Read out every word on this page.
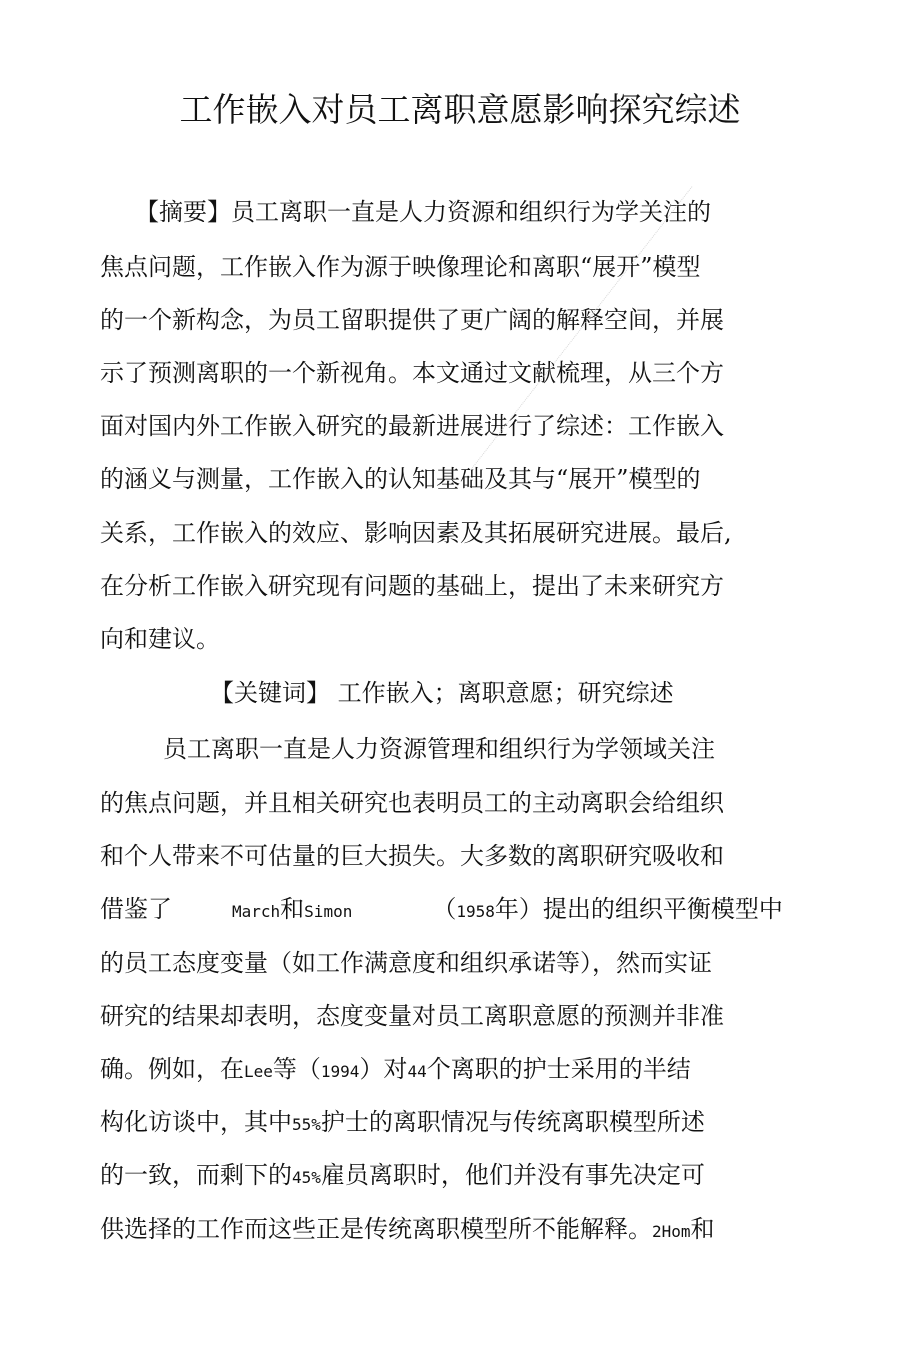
工作嵌入对员工离职意愿影响探究综述
【摘要】员工离职一直是人力资源和组织行为学关注的
焦点问题，工作嵌入作为源于映像理论和离职“展开”模型
的一个新构念，为员工留职提供了更广阔的解释空间，并展
示了预测离职的一个新视角。本文通过文献梳理，从三个方
面对国内外工作嵌入研究的最新进展进行了综述：工作嵌入
的涵义与测量，工作嵌入的认知基础及其与“展开”模型的
关系，工作嵌入的效应、影响因素及其拓展研究进展。最后,
在分析工作嵌入研究现有问题的基础上，提出了未来研究方
向和建议。
【关键词】 工作嵌入；离职意愿；研究综述
员工离职一直是人力资源管理和组织行为学领域关注
的焦点问题，并且相关研究也表明员工的主动离职会给组织
和个人带来不可估量的巨大损失。大多数的离职研究吸收和
借鉴了	March和Simon	（1958年）提出的组织平衡模型中
的员工态度变量（如工作满意度和组织承诺等），然而实证
研究的结果却表明，态度变量对员工离职意愿的预测并非准
确。例如，在Lee等（1994）对44个离职的护士采用的半结
构化访谈中，其中55%护士的离职情况与传统离职模型所述
的一致，而剩下的45%雇员离职时，他们并没有事先决定可
供选择的工作而这些正是传统离职模型所不能解释。2Hom和
